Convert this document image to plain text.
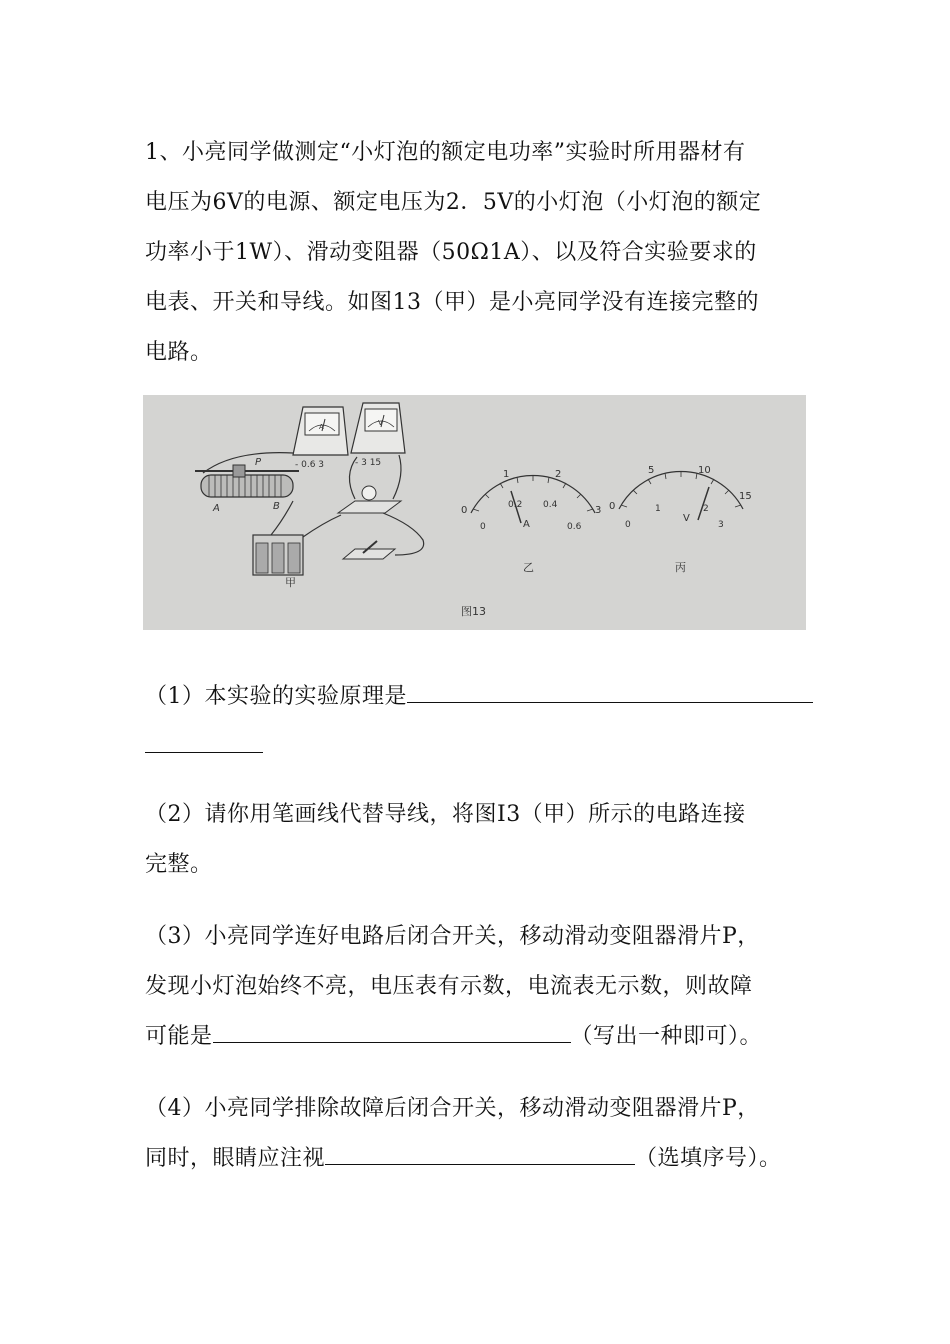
1、小亮同学做测定“小灯泡的额定电功率”实验时所用器材有
电压为6V的电源、额定电压为2．5V的小灯泡（小灯泡的额定
功率小于1W）、滑动变阻器（50Ω1A）、以及符合实验要求的
电表、开关和导线。如图13（甲）是小亮同学没有连接完整的
电路。
A
- 0.6 3
V
- 3 15
P
A	B
甲
0
1	2
3
0
0.2 0.4
0.6
A
乙
0
5	10
15
0
1	2
3
V
丙
图13
（1）本实验的实验原理是
（2）请你用笔画线代替导线，将图I3（甲）所示的电路连接
完整。
（3）小亮同学连好电路后闭合开关，移动滑动变阻器滑片P，
发现小灯泡始终不亮，电压表有示数，电流表无示数，则故障
可能是	（写出一种即可）。
（4）小亮同学排除故障后闭合开关，移动滑动变阻器滑片P，
同时，眼睛应注视	（选填序号）。
